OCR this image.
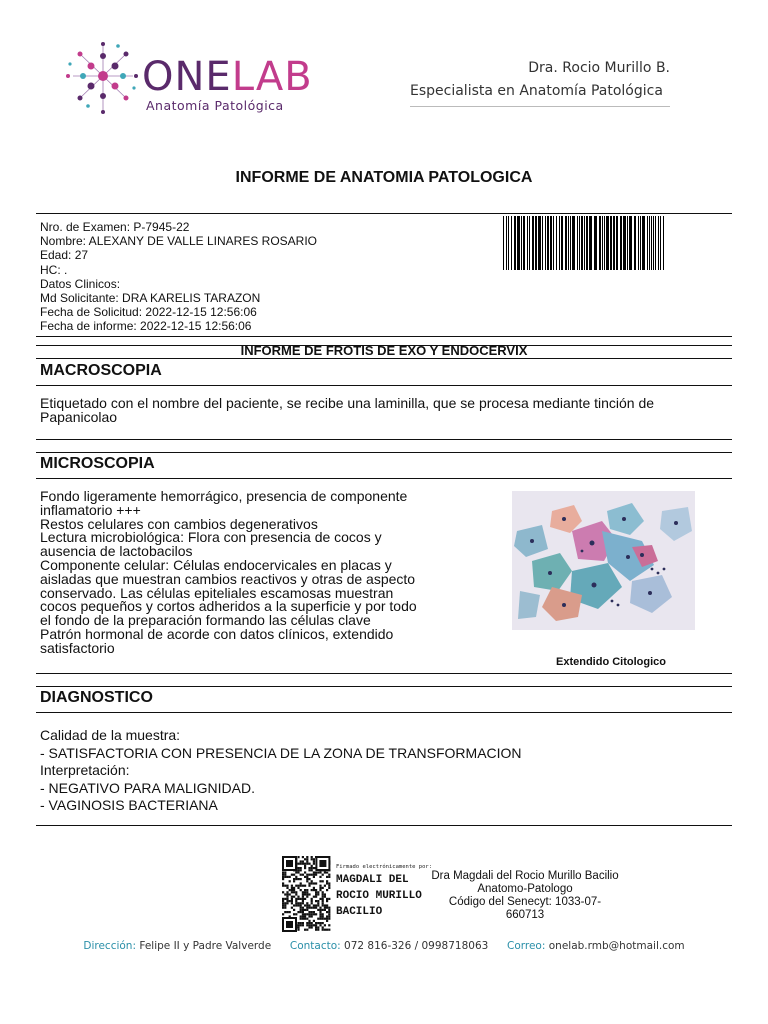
ONELAB
Anatomía Patológica
Dra. Rocio Murillo B.
Especialista en Anatomía Patológica
INFORME DE ANATOMIA PATOLOGICA
Nro. de Examen: P-7945-22
Nombre: ALEXANY DE VALLE LINARES ROSARIO
Edad: 27
HC: .
Datos Clinicos:
Md Solicitante: DRA KARELIS TARAZON
Fecha de Solicitud: 2022-12-15 12:56:06
Fecha de informe: 2022-12-15 12:56:06
INFORME DE FROTIS DE EXO Y ENDOCERVIX
MACROSCOPIA
Etiquetado con el nombre del paciente, se recibe una laminilla, que se procesa mediante tinción de Papanicolao
MICROSCOPIA
Fondo ligeramente hemorrágico, presencia de componente
inflamatorio +++
Restos celulares con cambios degenerativos
Lectura microbiológica: Flora con presencia de cocos y
ausencia de lactobacilos
Componente celular: Células endocervicales en placas y
aisladas que muestran cambios reactivos y otras de aspecto
conservado. Las células epiteliales escamosas muestran
cocos pequeños y cortos adheridos a la superficie y por todo
el fondo de la preparación formando las células clave
Patrón hormonal de acorde con datos clínicos, extendido
satisfactorio
Extendido Citologico
DIAGNOSTICO
Calidad de la muestra:
- SATISFACTORIA CON PRESENCIA DE LA ZONA DE TRANSFORMACION
Interpretación:
- NEGATIVO PARA MALIGNIDAD.
- VAGINOSIS BACTERIANA
Firmado electrónicamente por:
MAGDALI DEL
ROCIO MURILLO
BACILIO
Dra Magdali del Rocio Murillo Bacilio
Anatomo-Patologo
Código del Senecyt: 1033-07-660713
Dirección: Felipe II y Padre Valverde Contacto: 072 816-326 / 0998718063 Correo: onelab.rmb@hotmail.com
